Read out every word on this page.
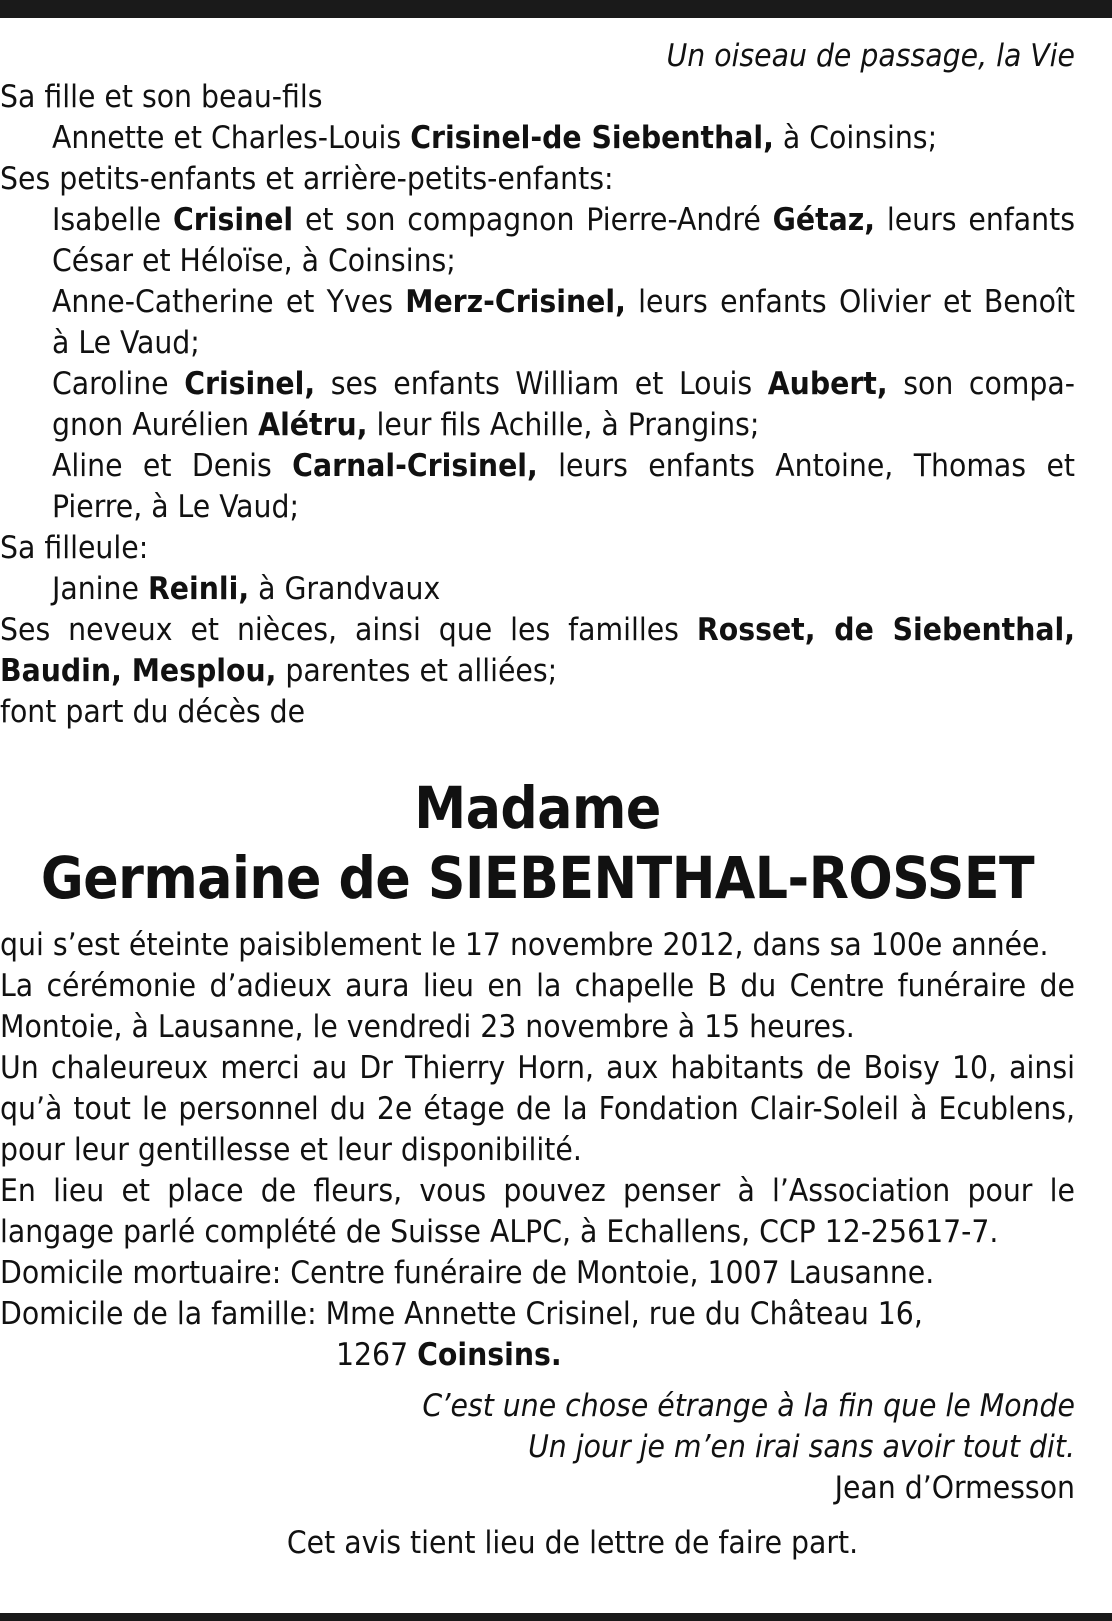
Un oiseau de passage, la Vie
Sa fille et son beau-fils
Annette et Charles-Louis Crisinel-de Siebenthal, à Coinsins;
Ses petits-enfants et arrière-petits-enfants:
Isabelle Crisinel et son compagnon Pierre-André Gétaz, leurs enfants César et Héloïse, à Coinsins;
Anne-Catherine et Yves Merz-Crisinel, leurs enfants Olivier et Benoît à Le Vaud;
Caroline Crisinel, ses enfants William et Louis Aubert, son compa-gnon Aurélien Alétru, leur fils Achille, à Prangins;
Aline et Denis Carnal-Crisinel, leurs enfants Antoine, Thomas et Pierre, à Le Vaud;
Sa filleule:
Janine Reinli, à Grandvaux
Ses neveux et nièces, ainsi que les familles Rosset, de Siebenthal, Baudin, Mesplou, parentes et alliées;
font part du décès de
Madame
Germaine de SIEBENTHAL-ROSSET
qui s’est éteinte paisiblement le 17 novembre 2012, dans sa 100e année.
La cérémonie d’adieux aura lieu en la chapelle B du Centre funéraire de Montoie, à Lausanne, le vendredi 23 novembre à 15 heures.
Un chaleureux merci au Dr Thierry Horn, aux habitants de Boisy 10, ainsi qu’à tout le personnel du 2e étage de la Fondation Clair-Soleil à Ecublens, pour leur gentillesse et leur disponibilité.
En lieu et place de fleurs, vous pouvez penser à l’Association pour le langage parlé complété de Suisse ALPC, à Echallens, CCP 12-25617-7.
Domicile mortuaire: Centre funéraire de Montoie, 1007 Lausanne.
Domicile de la famille: Mme Annette Crisinel, rue du Château 16,
1267 Coinsins.
C’est une chose étrange à la fin que le Monde
Un jour je m’en irai sans avoir tout dit.
Jean d’Ormesson
Cet avis tient lieu de lettre de faire part.
